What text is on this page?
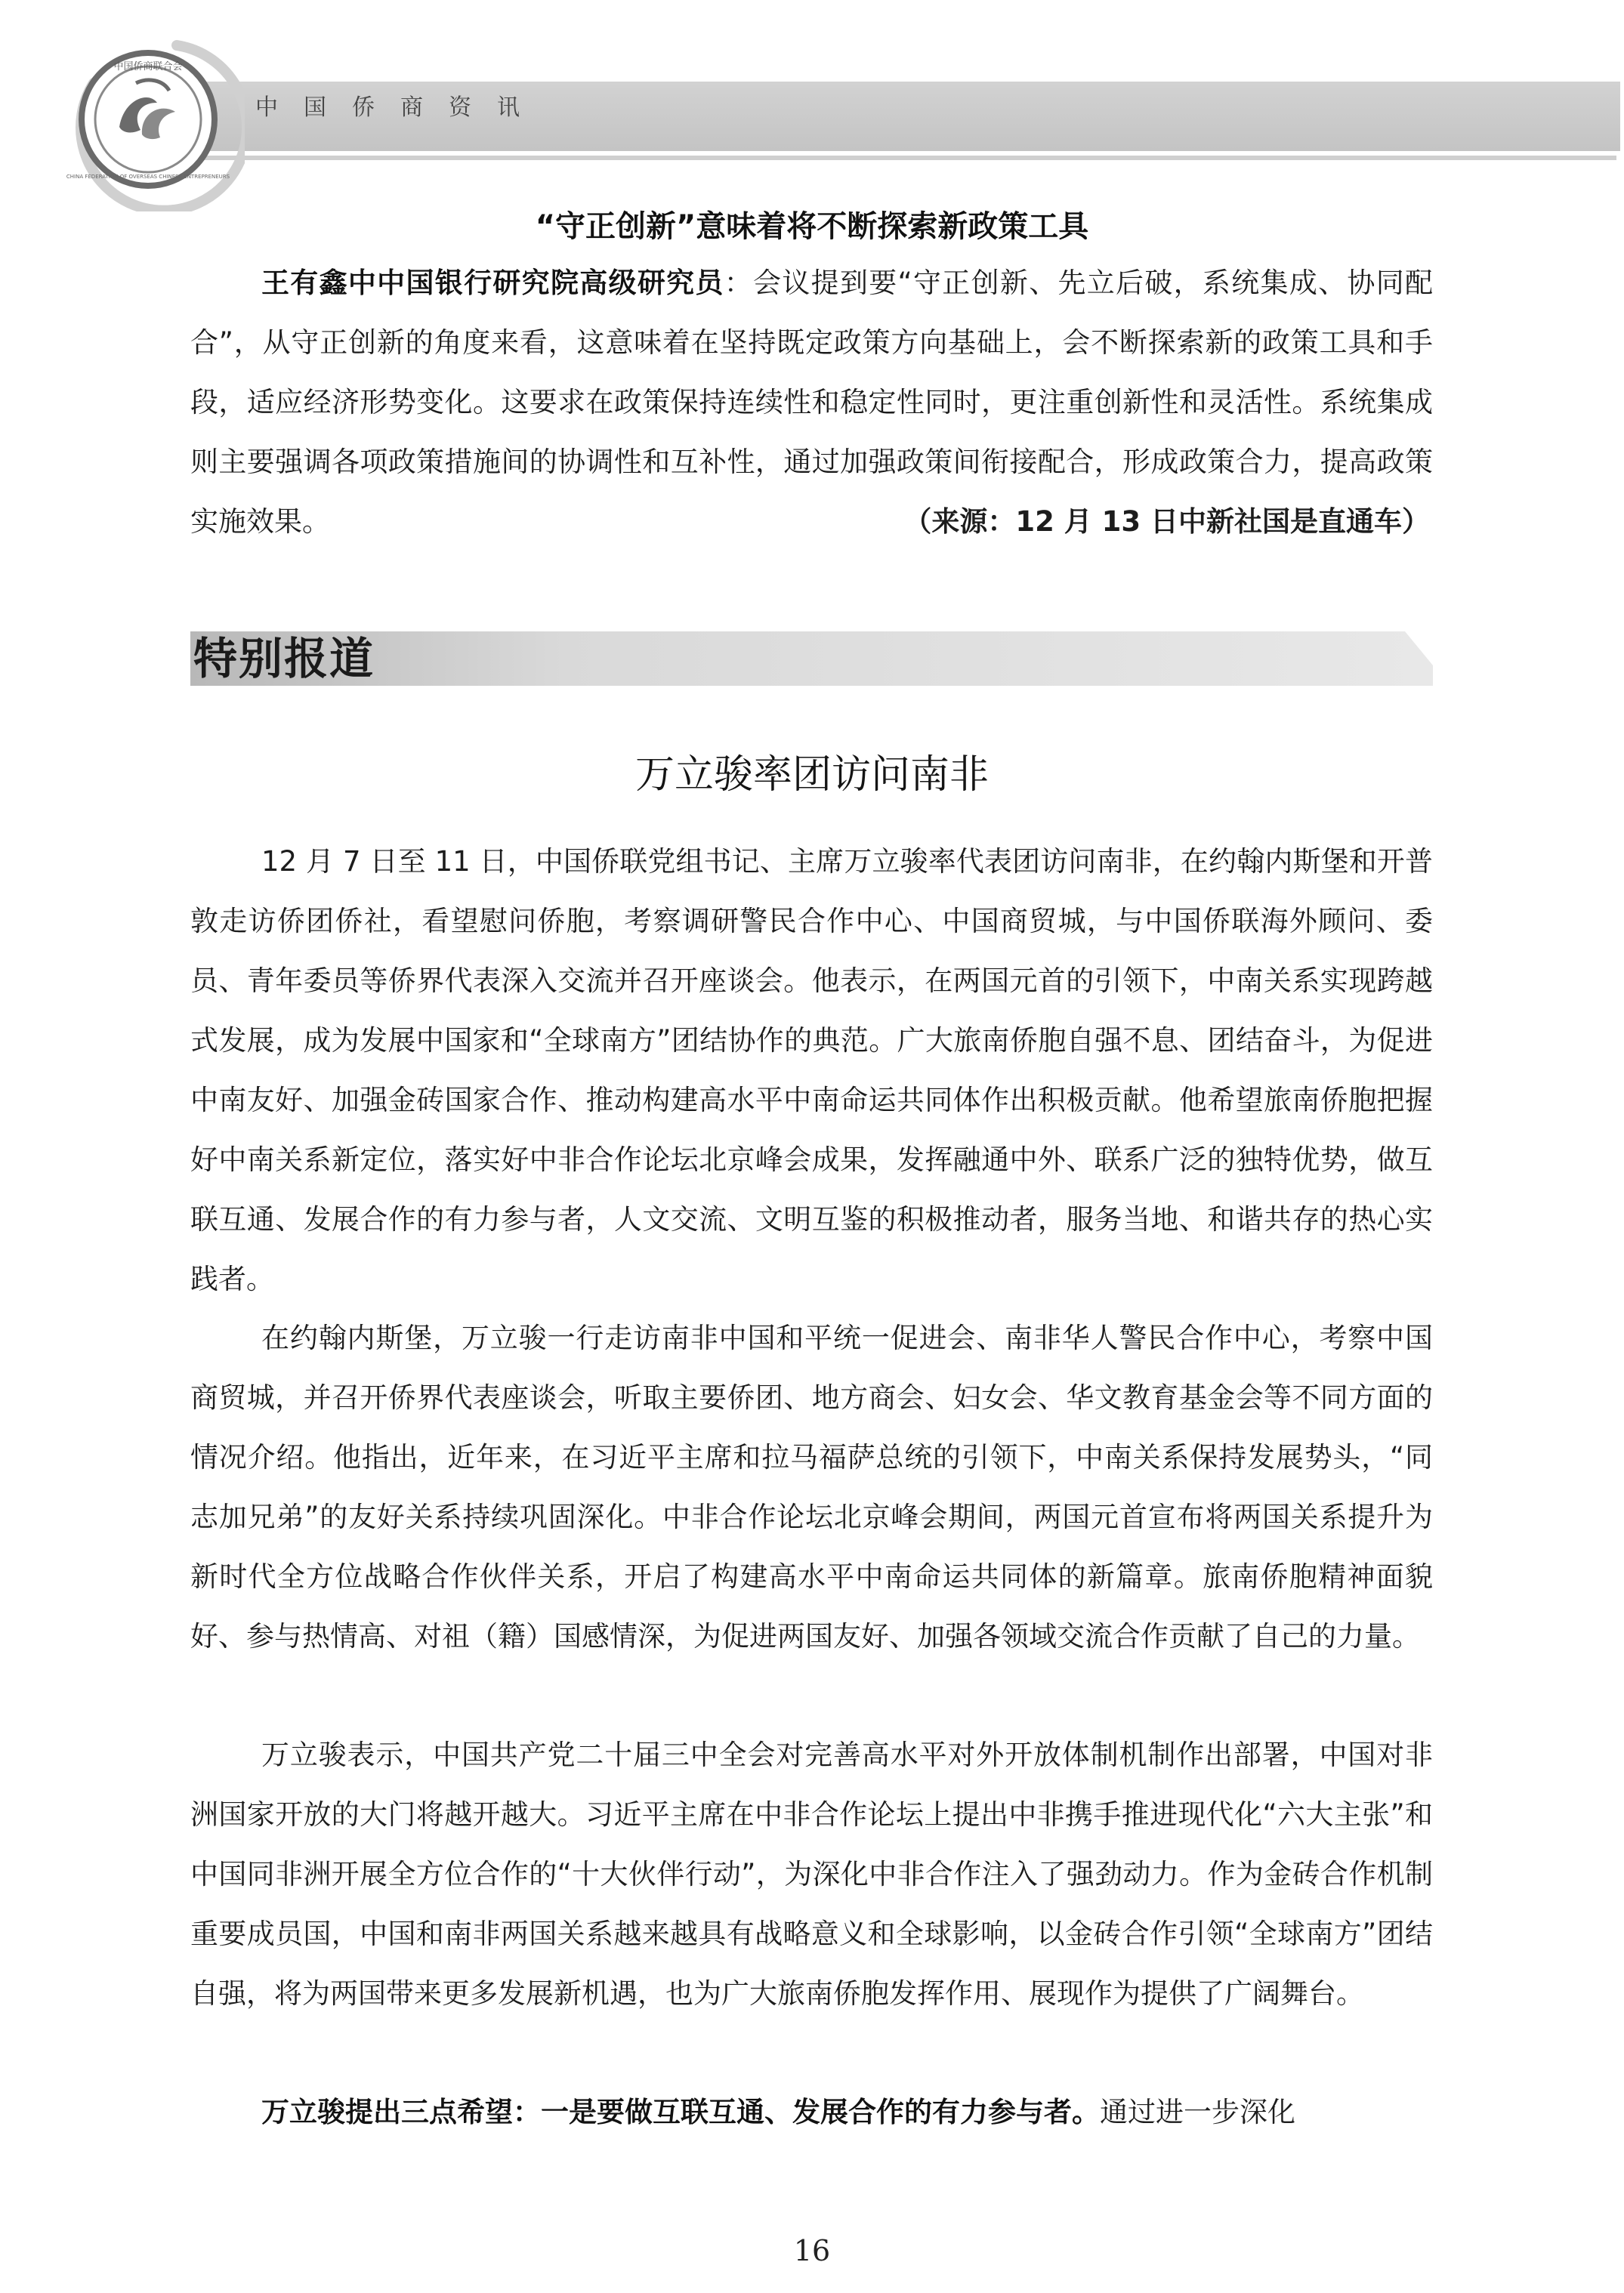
中国侨商资讯
中国侨商联合会
CHINA FEDERATION OF OVERSEAS CHINESE ENTREPRENEURS
“守正创新”意味着将不断探索新政策工具

王有鑫中中国银行研究院高级研究员：会议提到要“守正创新、先立后破，系统集成、协同配合”，从守正创新的角度来看，这意味着在坚持既定政策方向基础上，会不断探索新的政策工具和手段，适应经济形势变化。这要求在政策保持连续性和稳定性同时，更注重创新性和灵活性。系统集成则主要强调各项政策措施间的协调性和互补性，通过加强政策间衔接配合，形成政策合力，提高政策实施效果。	（来源：12 月 13 日中新社国是直通车）

特别报道
万立骏率团访问南非

12 月 7 日至 11 日，中国侨联党组书记、主席万立骏率代表团访问南非，在约翰内斯堡和开普敦走访侨团侨社，看望慰问侨胞，考察调研警民合作中心、中国商贸城，与中国侨联海外顾问、委员、青年委员等侨界代表深入交流并召开座谈会。他表示，在两国元首的引领下，中南关系实现跨越式发展，成为发展中国家和“全球南方”团结协作的典范。广大旅南侨胞自强不息、团结奋斗，为促进中南友好、加强金砖国家合作、推动构建高水平中南命运共同体作出积极贡献。他希望旅南侨胞把握好中南关系新定位，落实好中非合作论坛北京峰会成果，发挥融通中外、联系广泛的独特优势，做互联互通、发展合作的有力参与者，人文交流、文明互鉴的积极推动者，服务当地、和谐共存的热心实践者。

在约翰内斯堡，万立骏一行走访南非中国和平统一促进会、南非华人警民合作中心，考察中国商贸城，并召开侨界代表座谈会，听取主要侨团、地方商会、妇女会、华文教育基金会等不同方面的情况介绍。他指出，近年来，在习近平主席和拉马福萨总统的引领下，中南关系保持发展势头，“同志加兄弟”的友好关系持续巩固深化。中非合作论坛北京峰会期间，两国元首宣布将两国关系提升为新时代全方位战略合作伙伴关系，开启了构建高水平中南命运共同体的新篇章。旅南侨胞精神面貌好、参与热情高、对祖（籍）国感情深，为促进两国友好、加强各领域交流合作贡献了自己的力量。

万立骏表示，中国共产党二十届三中全会对完善高水平对外开放体制机制作出部署，中国对非洲国家开放的大门将越开越大。习近平主席在中非合作论坛上提出中非携手推进现代化“六大主张”和中国同非洲开展全方位合作的“十大伙伴行动”，为深化中非合作注入了强劲动力。作为金砖合作机制重要成员国，中国和南非两国关系越来越具有战略意义和全球影响，以金砖合作引领“全球南方”团结自强，将为两国带来更多发展新机遇，也为广大旅南侨胞发挥作用、展现作为提供了广阔舞台。

万立骏提出三点希望：一是要做互联互通、发展合作的有力参与者。通过进一步深化

16
